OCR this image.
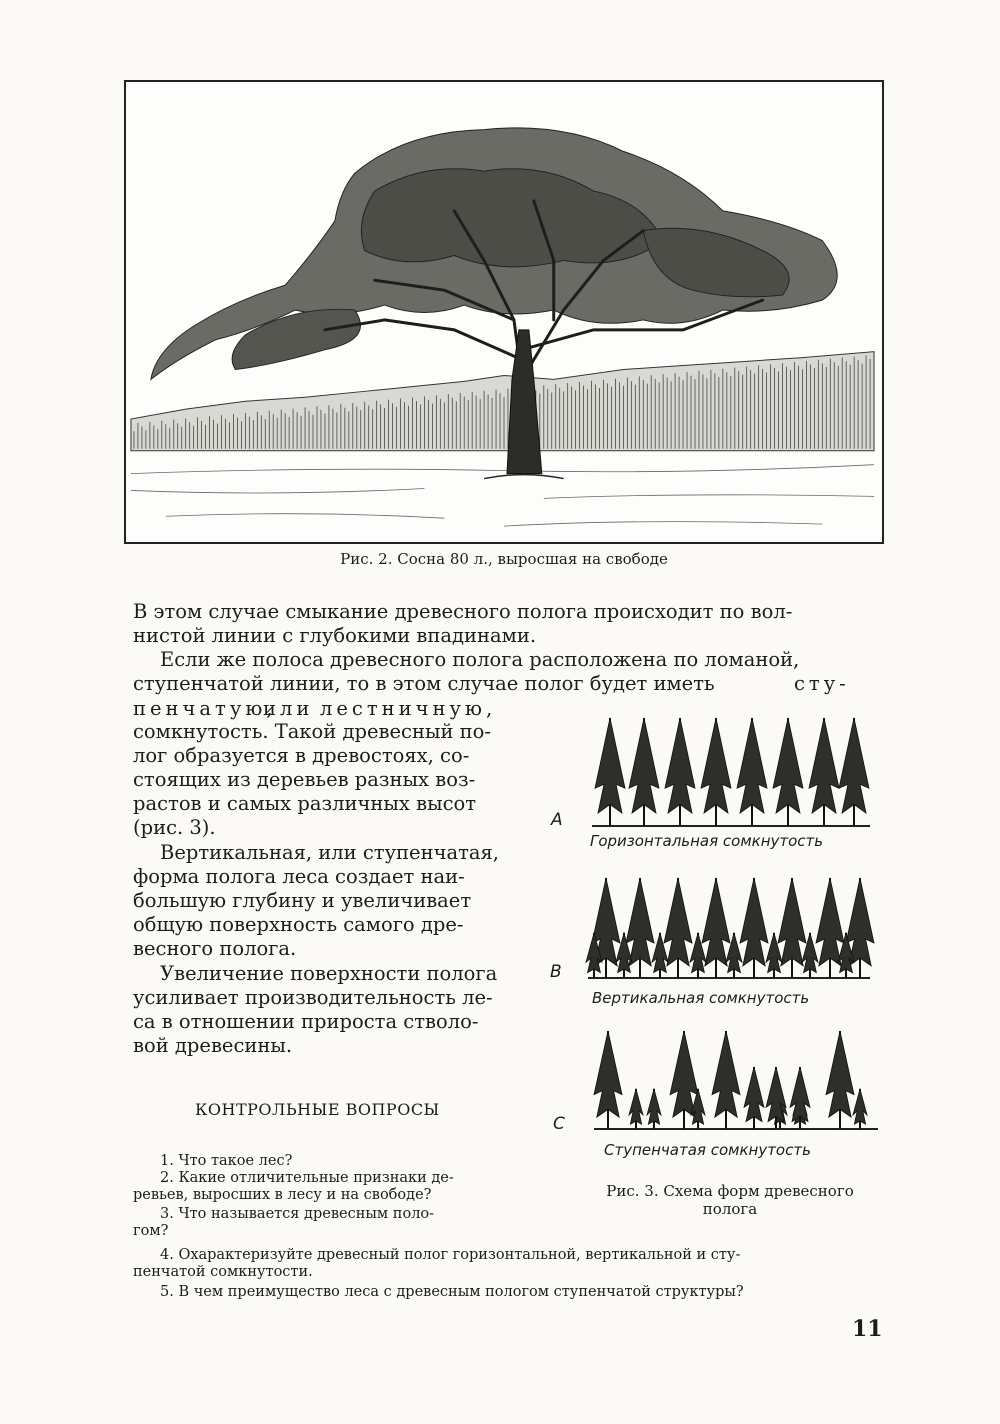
Рис. 2. Сосна 80 л., выросшая на свободе
В этом случае смыкание древесного полога происходит по вол-
нистой линии с глубокими впадинами.
Если же полоса древесного полога расположена по ломаной,
ступенчатой линии, то в этом случае полог будет иметь	сту-
пенчатую,
или лестничную,
сомкнутость. Такой древесный по-
лог образуется в древостоях, со-
стоящих из деревьев разных воз-
растов и самых различных высот
(рис. 3).
Вертикальная, или ступенчатая,
форма полога леса создает наи-
большую глубину и увеличивает
общую поверхность самого дре-
весного полога.
Увеличение поверхности полога
усиливает производительность ле-
са в отношении прироста стволо-
вой древесины.
КОНТРОЛЬНЫЕ ВОПРОСЫ
1. Что такое лес?
2. Какие отличительные признаки де-
ревьев, выросших в лесу и на свободе?
3. Что называется древесным поло-
гом?
4. Охарактеризуйте древесный полог горизонтальной, вертикальной и сту-
пенчатой сомкнутости.
5. В чем преимущество леса с древесным пологом ступенчатой структуры?
А
Горизонтальная сомкнутость
В
Вертикальная сомкнутость
С
Ступенчатая сомкнутость
Рис. 3. Схема форм древесного
полога
11
